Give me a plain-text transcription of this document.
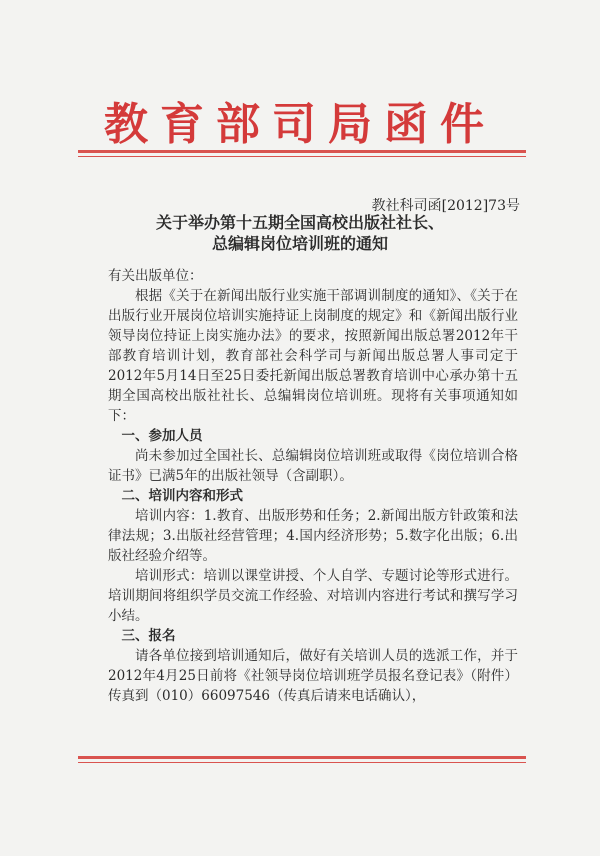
教育部司局函件
教社科司函[2012]73号
关于举办第十五期全国高校出版社社长、
总编辑岗位培训班的通知

有关出版单位：

根据《关于在新闻出版行业实施干部调训制度的通知》、《关于在出版行业开展岗位培训实施持证上岗制度的规定》和《新闻出版行业领导岗位持证上岗实施办法》的要求，按照新闻出版总署2012年干部教育培训计划，教育部社会科学司与新闻出版总署人事司定于2012年5月14日至25日委托新闻出版总署教育培训中心承办第十五期全国高校出版社社长、总编辑岗位培训班。现将有关事项通知如下：

一、参加人员

尚未参加过全国社长、总编辑岗位培训班或取得《岗位培训合格证书》已满5年的出版社领导（含副职）。

二、培训内容和形式

培训内容：1.教育、出版形势和任务；2.新闻出版方针政策和法律法规；3.出版社经营管理；4.国内经济形势；5.数字化出版；6.出版社经验介绍等。

培训形式：培训以课堂讲授、个人自学、专题讨论等形式进行。培训期间将组织学员交流工作经验、对培训内容进行考试和撰写学习小结。

三、报名

请各单位接到培训通知后，做好有关培训人员的选派工作，并于2012年4月25日前将《社领导岗位培训班学员报名登记表》（附件）传真到（010）66097546（传真后请来电话确认），
